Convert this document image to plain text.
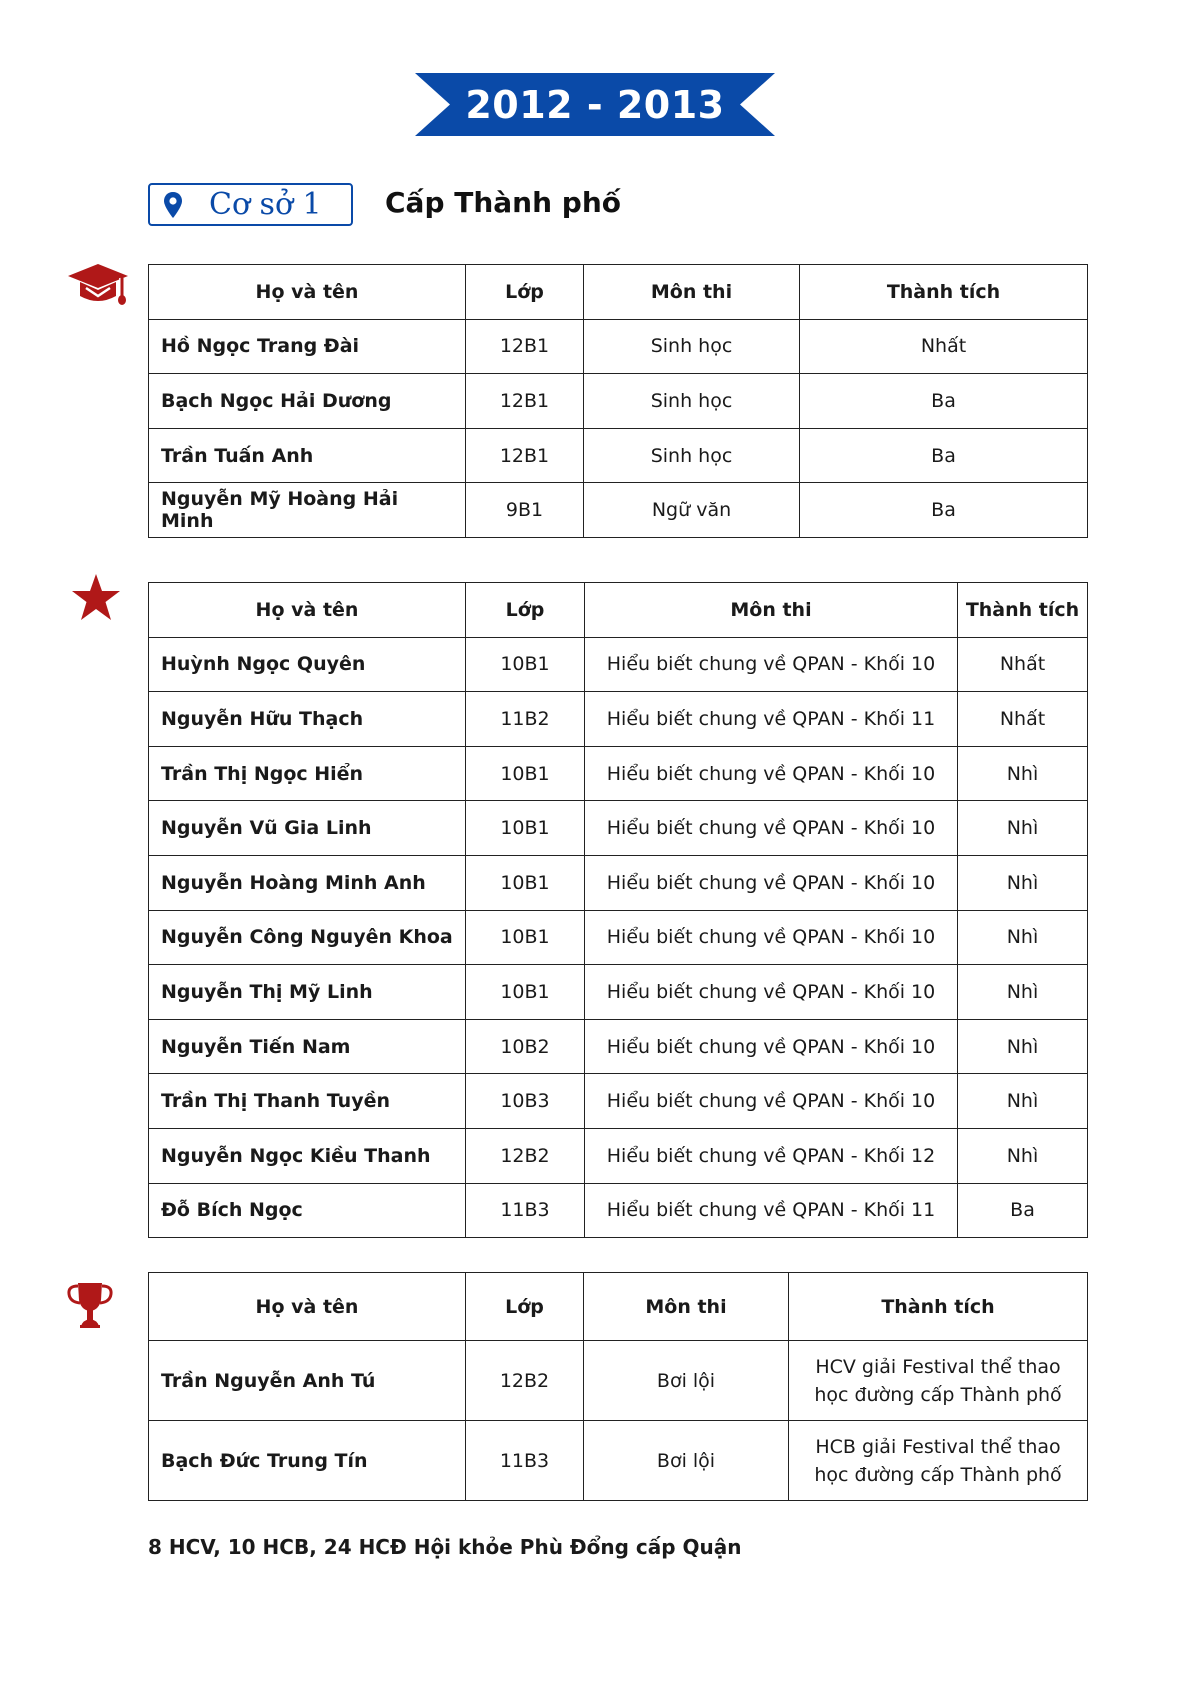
2012 - 2013
Cơ sở 1 Cấp Thành phố
Họ và tên	Lớp	Môn thi	Thành tích
Hồ Ngọc Trang Đài	12B1	Sinh học	Nhất
Bạch Ngọc Hải Dương	12B1	Sinh học	Ba
Trần Tuấn Anh	12B1	Sinh học	Ba
Nguyễn Mỹ Hoàng Hải Minh	9B1	Ngữ văn	Ba
Họ và tên	Lớp	Môn thi	Thành tích
Huỳnh Ngọc Quyên	10B1	Hiểu biết chung về QPAN - Khối 10	Nhất
Nguyễn Hữu Thạch	11B2	Hiểu biết chung về QPAN - Khối 11	Nhất
Trần Thị Ngọc Hiển	10B1	Hiểu biết chung về QPAN - Khối 10	Nhì
Nguyễn Vũ Gia Linh	10B1	Hiểu biết chung về QPAN - Khối 10	Nhì
Nguyễn Hoàng Minh Anh	10B1	Hiểu biết chung về QPAN - Khối 10	Nhì
Nguyễn Công Nguyên Khoa	10B1	Hiểu biết chung về QPAN - Khối 10	Nhì
Nguyễn Thị Mỹ Linh	10B1	Hiểu biết chung về QPAN - Khối 10	Nhì
Nguyễn Tiến Nam	10B2	Hiểu biết chung về QPAN - Khối 10	Nhì
Trần Thị Thanh Tuyền	10B3	Hiểu biết chung về QPAN - Khối 10	Nhì
Nguyễn Ngọc Kiều Thanh	12B2	Hiểu biết chung về QPAN - Khối 12	Nhì
Đỗ Bích Ngọc	11B3	Hiểu biết chung về QPAN - Khối 11	Ba
Họ và tên	Lớp	Môn thi	Thành tích
Trần Nguyễn Anh Tú	12B2	Bơi lội	HCV giải Festival thể thao
học đường cấp Thành phố

Bạch Đức Trung Tín	11B3	Bơi lội	HCB giải Festival thể thao
học đường cấp Thành phố
8 HCV, 10 HCB, 24 HCĐ Hội khỏe Phù Đổng cấp Quận
